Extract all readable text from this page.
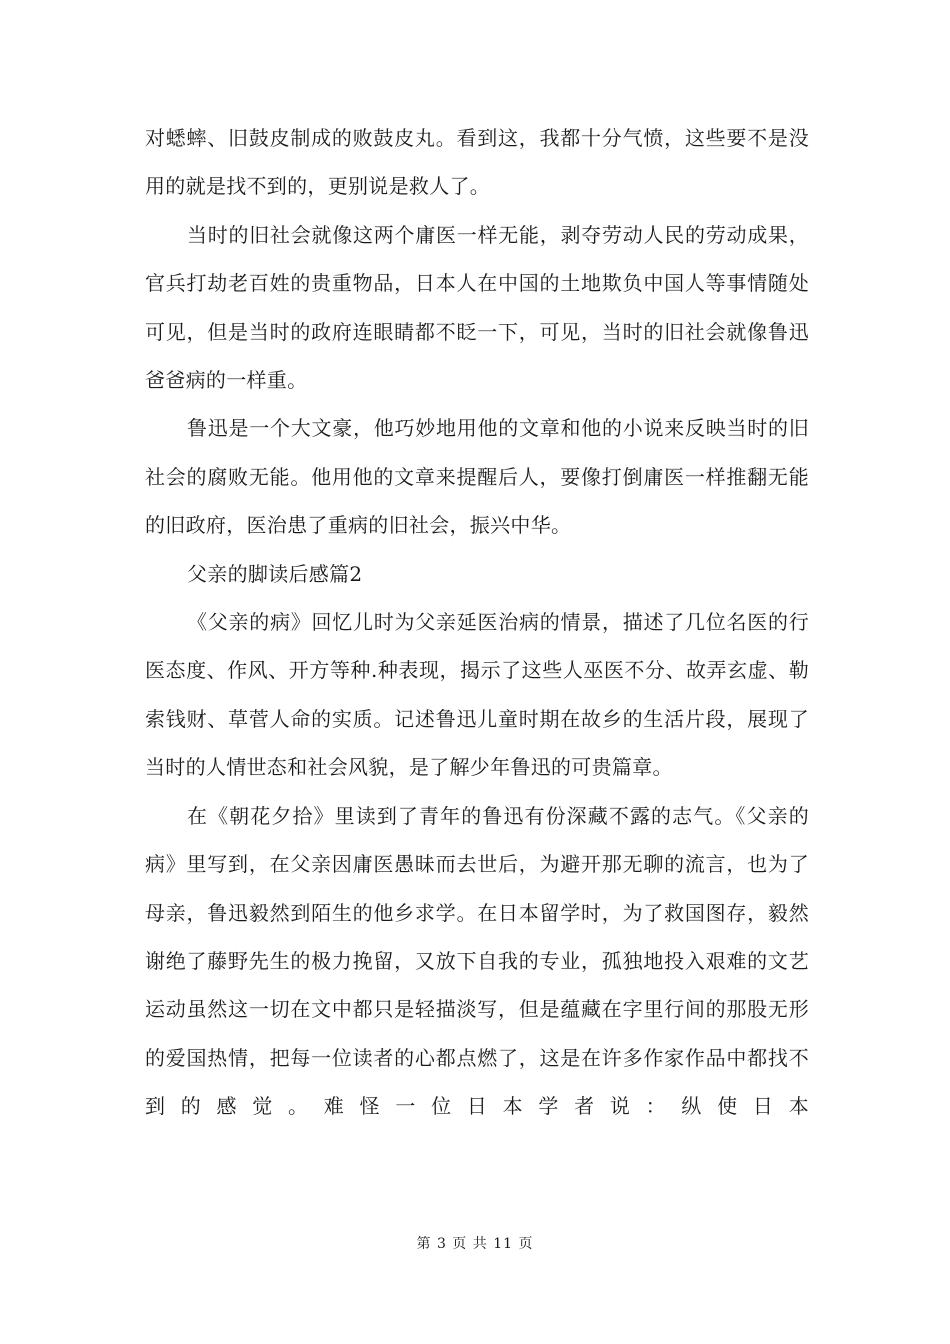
对蟋蟀、旧鼓皮制成的败鼓皮丸。看到这，我都十分气愤，这些要不是没用的就是找不到的，更别说是救人了。

当时的旧社会就像这两个庸医一样无能，剥夺劳动人民的劳动成果，官兵打劫老百姓的贵重物品，日本人在中国的土地欺负中国人等事情随处可见，但是当时的政府连眼睛都不眨一下，可见，当时的旧社会就像鲁迅爸爸病的一样重。

鲁迅是一个大文豪，他巧妙地用他的文章和他的小说来反映当时的旧社会的腐败无能。他用他的文章来提醒后人，要像打倒庸医一样推翻无能的旧政府，医治患了重病的旧社会，振兴中华。

父亲的脚读后感篇2

《父亲的病》回忆儿时为父亲延医治病的情景，描述了几位名医的行医态度、作风、开方等种.种表现，揭示了这些人巫医不分、故弄玄虚、勒索钱财、草菅人命的实质。记述鲁迅儿童时期在故乡的生活片段，展现了当时的人情世态和社会风貌，是了解少年鲁迅的可贵篇章。

在《朝花夕拾》里读到了青年的鲁迅有份深藏不露的志气。《父亲的病》里写到，在父亲因庸医愚昧而去世后，为避开那无聊的流言，也为了母亲，鲁迅毅然到陌生的他乡求学。在日本留学时，为了救国图存，毅然谢绝了藤野先生的极力挽留，又放下自我的专业，孤独地投入艰难的文艺运动虽然这一切在文中都只是轻描淡写，但是蕴藏在字里行间的那股无形的爱国热情，把每一位读者的心都点燃了，这是在许多作家作品中都找不到的感觉。难怪一位日本学者说：纵使日本

第 3 页 共 11 页
